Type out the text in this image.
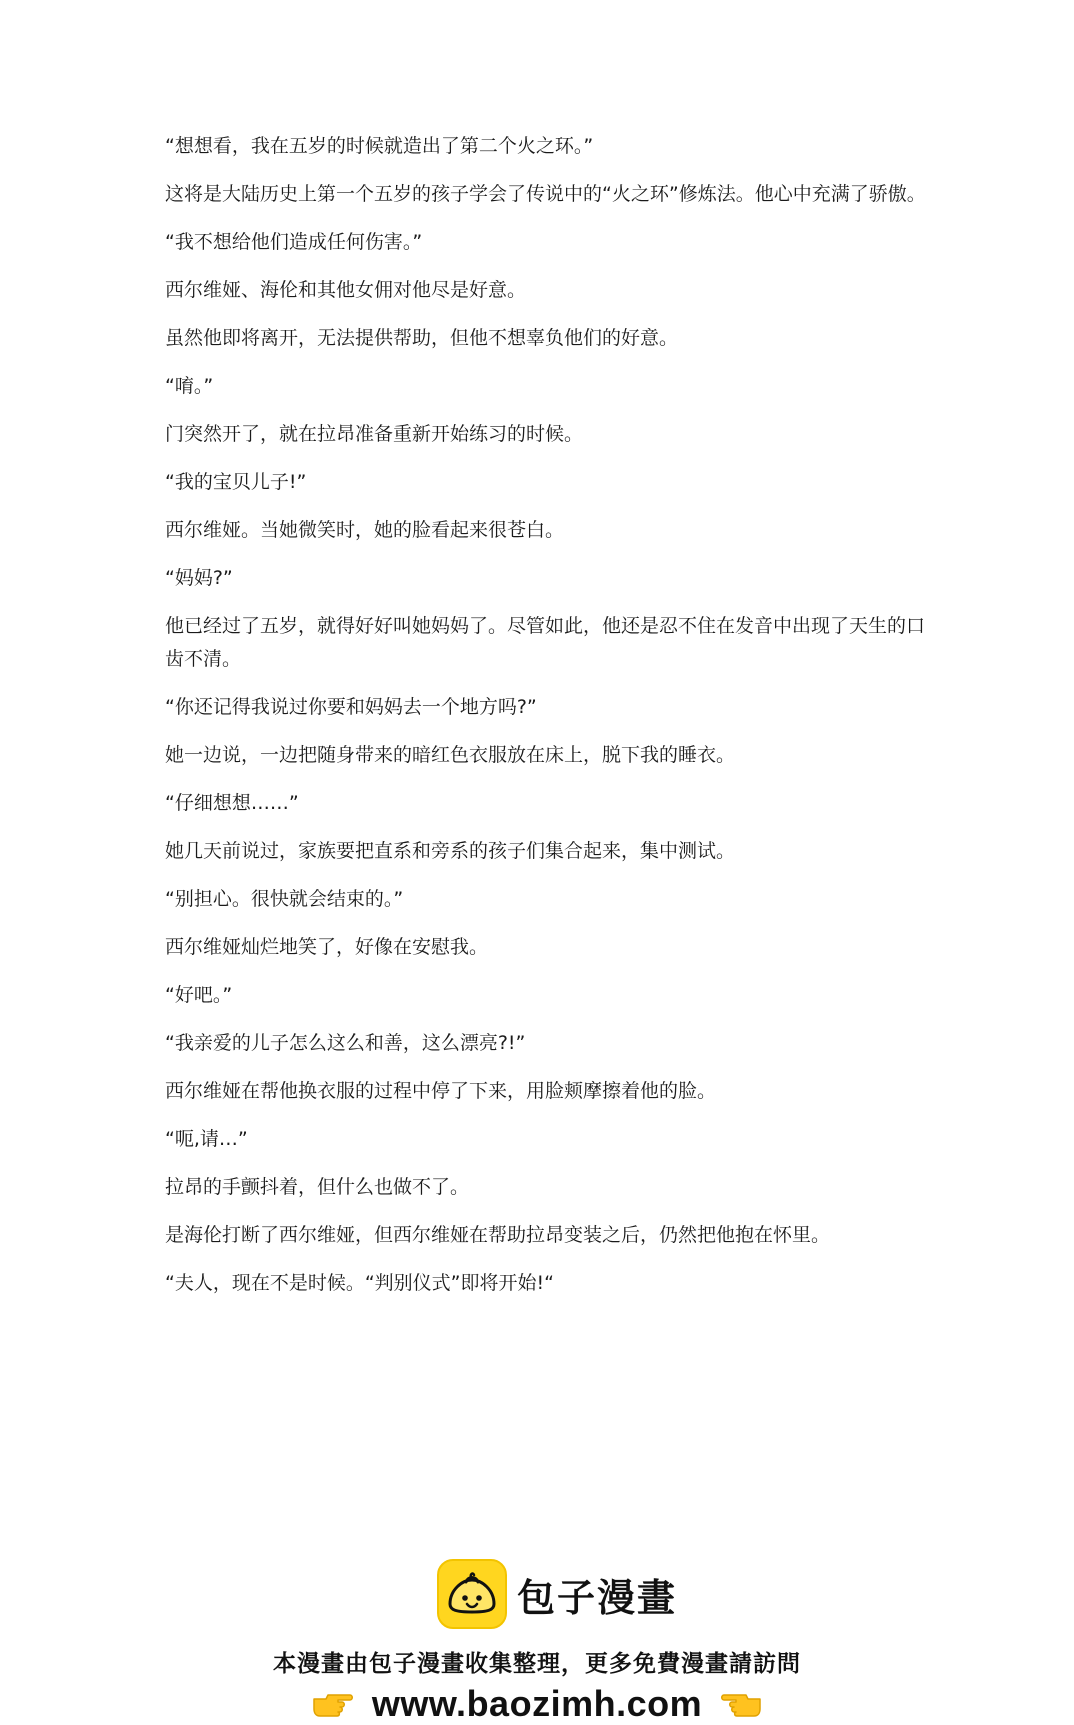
“想想看，我在五岁的时候就造出了第二个火之环。”

这将是大陆历史上第一个五岁的孩子学会了传说中的“火之环”修炼法。他心中充满了骄傲。

“我不想给他们造成任何伤害。”

西尔维娅、海伦和其他女佣对他尽是好意。

虽然他即将离开，无法提供帮助，但他不想辜负他们的好意。

“唷。”

门突然开了，就在拉昂准备重新开始练习的时候。

“我的宝贝儿子!”

西尔维娅。当她微笑时，她的脸看起来很苍白。

“妈妈?”

他已经过了五岁，就得好好叫她妈妈了。尽管如此，他还是忍不住在发音中出现了天生的口齿不清。

“你还记得我说过你要和妈妈去一个地方吗?”

她一边说，一边把随身带来的暗红色衣服放在床上，脱下我的睡衣。

“仔细想想……”

她几天前说过，家族要把直系和旁系的孩子们集合起来，集中测试。

“别担心。很快就会结束的。”

西尔维娅灿烂地笑了，好像在安慰我。

“好吧。”

“我亲爱的儿子怎么这么和善，这么漂亮?!”

西尔维娅在帮他换衣服的过程中停了下来，用脸颊摩擦着他的脸。

“呃,请…”

拉昂的手颤抖着，但什么也做不了。

是海伦打断了西尔维娅，但西尔维娅在帮助拉昂变装之后，仍然把他抱在怀里。

“夫人，现在不是时候。“判别仪式”即将开始!“

包子漫畫
本漫畫由包子漫畫收集整理，更多免費漫畫請訪問
www.baozimh.com
